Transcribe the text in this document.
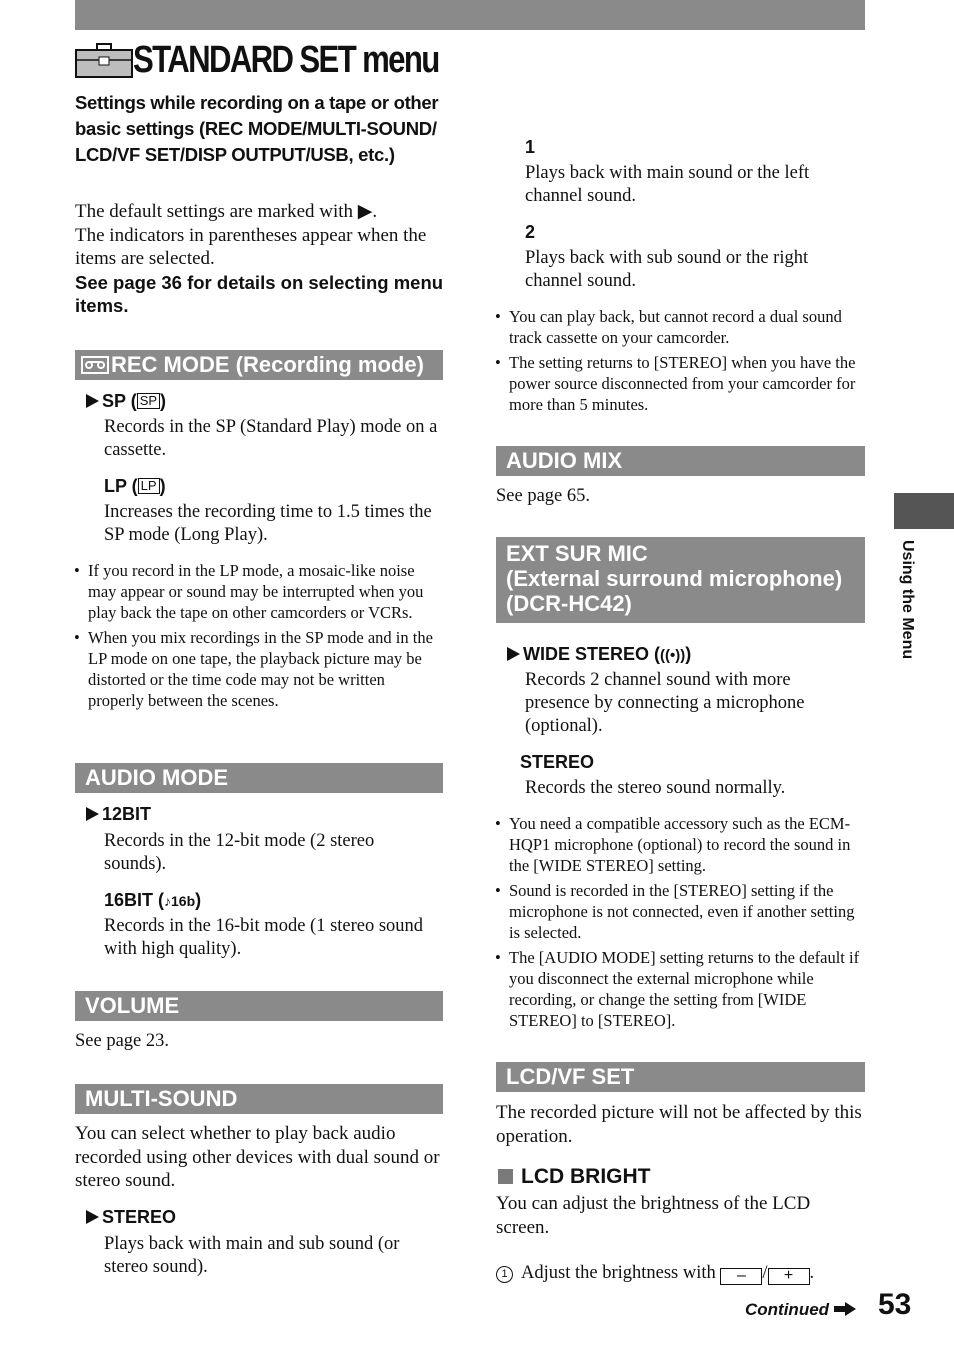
STANDARD SET menu
Settings while recording on a tape or other basic settings (REC MODE/MULTI-SOUND/ LCD/VF SET/DISP OUTPUT/USB, etc.)
The default settings are marked with ▶.
The indicators in parentheses appear when the items are selected.
See page 36 for details on selecting menu items.
REC MODE (Recording mode)
SP ( SP )
Records in the SP (Standard Play) mode on a cassette.
LP ( LP )
Increases the recording time to 1.5 times the SP mode (Long Play).
• If you record in the LP mode, a mosaic-like noise may appear or sound may be interrupted when you play back the tape on other camcorders or VCRs.
• When you mix recordings in the SP mode and in the LP mode on one tape, the playback picture may be distorted or the time code may not be written properly between the scenes.
AUDIO MODE
12BIT
Records in the 12-bit mode (2 stereo sounds).
16BIT (♪16b)
Records in the 16-bit mode (1 stereo sound with high quality).
VOLUME
See page 23.
MULTI-SOUND
You can select whether to play back audio recorded using other devices with dual sound or stereo sound.
STEREO
Plays back with main and sub sound (or stereo sound).
1
Plays back with main sound or the left channel sound.
2
Plays back with sub sound or the right channel sound.
• You can play back, but cannot record a dual sound track cassette on your camcorder.
• The setting returns to [STEREO] when you have the power source disconnected from your camcorder for more than 5 minutes.
AUDIO MIX
See page 65.
EXT SUR MIC
(External surround microphone)
(DCR-HC42)
WIDE STEREO (((•)))
Records 2 channel sound with more presence by connecting a microphone (optional).
STEREO
Records the stereo sound normally.
• You need a compatible accessory such as the ECM-HQP1 microphone (optional) to record the sound in the [WIDE STEREO] setting.
• Sound is recorded in the [STEREO] setting if the microphone is not connected, even if another setting is selected.
• The [AUDIO MODE] setting returns to the default if you disconnect the external microphone while recording, or change the setting from [WIDE STEREO] to [STEREO].
LCD/VF SET
The recorded picture will not be affected by this operation.
LCD BRIGHT
You can adjust the brightness of the LCD screen.
1 Adjust the brightness with – / + .
Using the Menu
Continued	53
